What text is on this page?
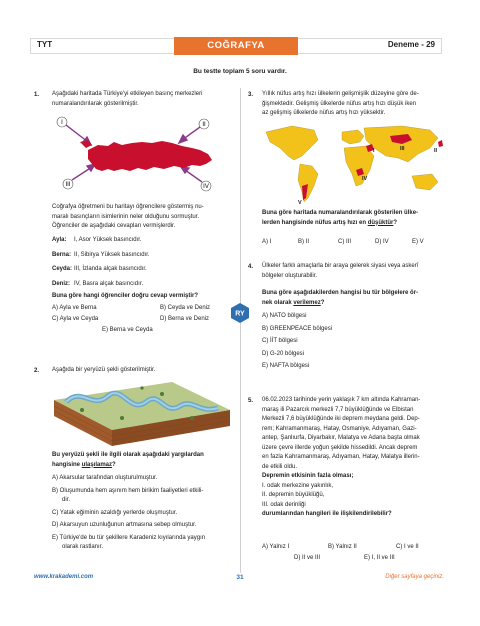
TYT	COĞRAFYA	Deneme - 29
Bu testte toplam 5 soru vardır.
1. Aşağıdaki haritada Türkiye'yi etkileyen basınç merkezleri
numaralandırılarak gösterilmiştir.
I	II
III	IV
Coğrafya öğretmeni bu haritayı öğrencilere göstermiş nu-
maralı basınçların isimlerinin neler olduğunu sormuştur.
Öğrenciler de aşağıdaki cevapları vermişlerdir.
Ayla: I, Asor Yüksek basıncıdır.
Berna: II, Sibirya Yüksek basıncıdır.
Ceyda: III, İzlanda alçak basıncıdır.
Deniz: IV, Basra alçak basıncıdır.
Buna göre hangi öğrenciler doğru cevap vermiştir?
A) Ayla ve Berna	B) Ceyda ve Deniz
C) Ayla ve Ceyda	D) Berna ve Deniz
E) Berna ve Ceyda
RY
2. Aşağıda bir yeryüzü şekli gösterilmiştir.
Bu yeryüzü şekli ile ilgili olarak aşağıdaki yargılardan
hangisine ulaşılamaz?
A) Akarsular tarafından oluşturulmuştur.
B) Oluşumunda hem aşınım hem birikim faaliyetleri etkili-
dir.
C) Yatak eğiminin azaldığı yerlerde oluşmuştur.
D) Akarsuyun uzunluğunun artmasına sebep olmuştur.
E) Türkiye'de bu tür şekillere Karadeniz kıyılarında yaygın
olarak rastlanır.
3. Yıllık nüfus artış hızı ülkelerin gelişmişlik düzeyine göre de-
ğişmektedir. Gelişmiş ülkelerde nüfus artış hızı düşük iken
az gelişmiş ülkelerde nüfus artış hızı yüksektir.
I	II
III
IV
V
Buna göre haritada numaralandırılarak gösterilen ülke-
lerden hangisinde nüfus artış hızı en düşüktür?
A) I	B) II	C) III	D) IV	E) V
4. Ülkeler farklı amaçlarla bir araya gelerek siyasi veya askerî
bölgeler oluşturabilir.
Buna göre aşağıdakilerden hangisi bu tür bölgelere ör-
nek olarak verilemez?
A) NATO bölgesi
B) GREENPEACE bölgesi
C) İİT bölgesi
D) G-20 bölgesi
E) NAFTA bölgesi
5. 06.02.2023 tarihinde yerin yaklaşık 7 km altında Kahraman-
maraş ili Pazarcık merkezli 7,7 büyüklüğünde ve Elbistan
Merkezli 7,6 büyüklüğünde iki deprem meydana geldi. Dep-
rem; Kahramanmaraş, Hatay, Osmaniye, Adıyaman, Gazi-
antep, Şanlıurfa, Diyarbakır, Malatya ve Adana başta olmak
üzere çevre illerde yoğun şekilde hissedildi. Ancak deprem
en fazla Kahramanmaraş, Adıyaman, Hatay, Malatya illerin-
de etkili oldu.
Depremin etkisinin fazla olması;
I. odak merkezine yakınlık,
II. depremin büyüklüğü,
III. odak derinliği
durumlarından hangileri ile ilişkilendirilebilir?
A) Yalnız I	B) Yalnız II	C) I ve II
D) II ve III	E) I, II ve III
www.krakademi.com	31	Diğer sayfaya geçiniz.
